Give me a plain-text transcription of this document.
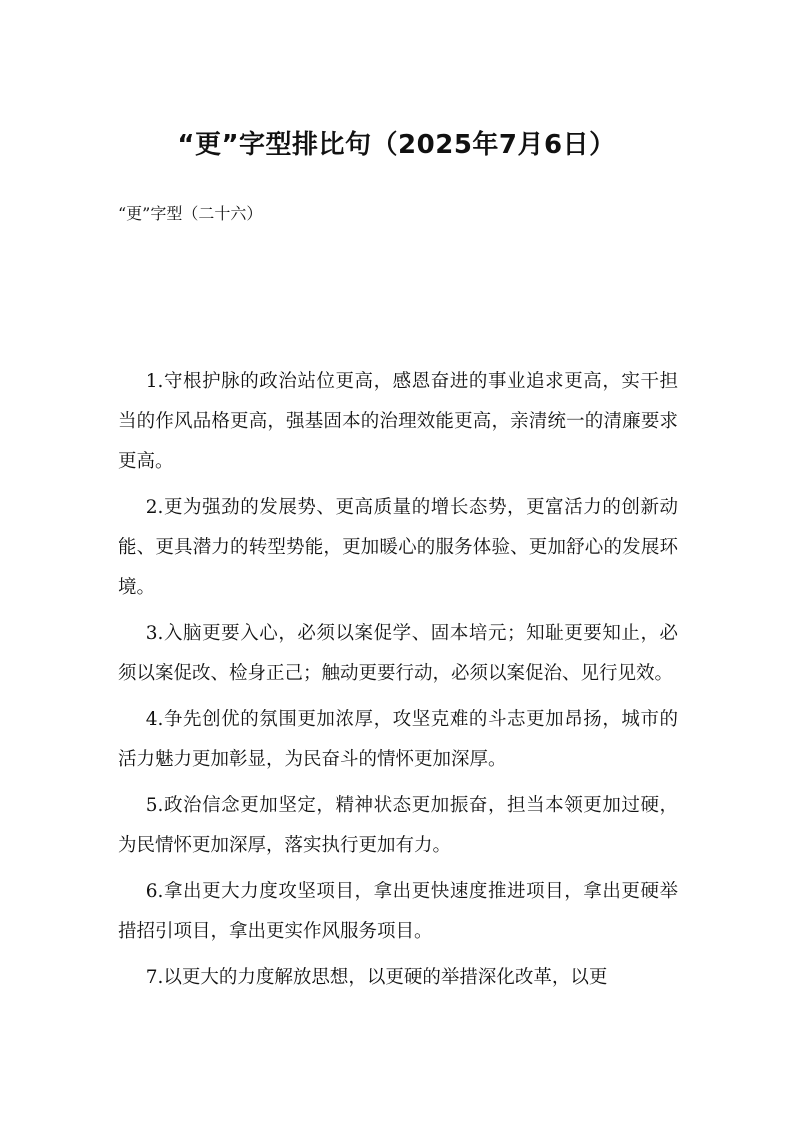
“更”字型排比句（2025年7月6日）
“更”字型（二十六）

1.守根护脉的政治站位更高，感恩奋进的事业追求更高，实干担当的作风品格更高，强基固本的治理效能更高，亲清统一的清廉要求更高。

2.更为强劲的发展势、更高质量的增长态势，更富活力的创新动能、更具潜力的转型势能，更加暖心的服务体验、更加舒心的发展环境。

3.入脑更要入心，必须以案促学、固本培元；知耻更要知止，必须以案促改、检身正己；触动更要行动，必须以案促治、见行见效。

4.争先创优的氛围更加浓厚，攻坚克难的斗志更加昂扬，城市的活力魅力更加彰显，为民奋斗的情怀更加深厚。

5.政治信念更加坚定，精神状态更加振奋，担当本领更加过硬，为民情怀更加深厚，落实执行更加有力。

6.拿出更大力度攻坚项目，拿出更快速度推进项目，拿出更硬举措招引项目，拿出更实作风服务项目。

7.以更大的力度解放思想，以更硬的举措深化改革，以更
